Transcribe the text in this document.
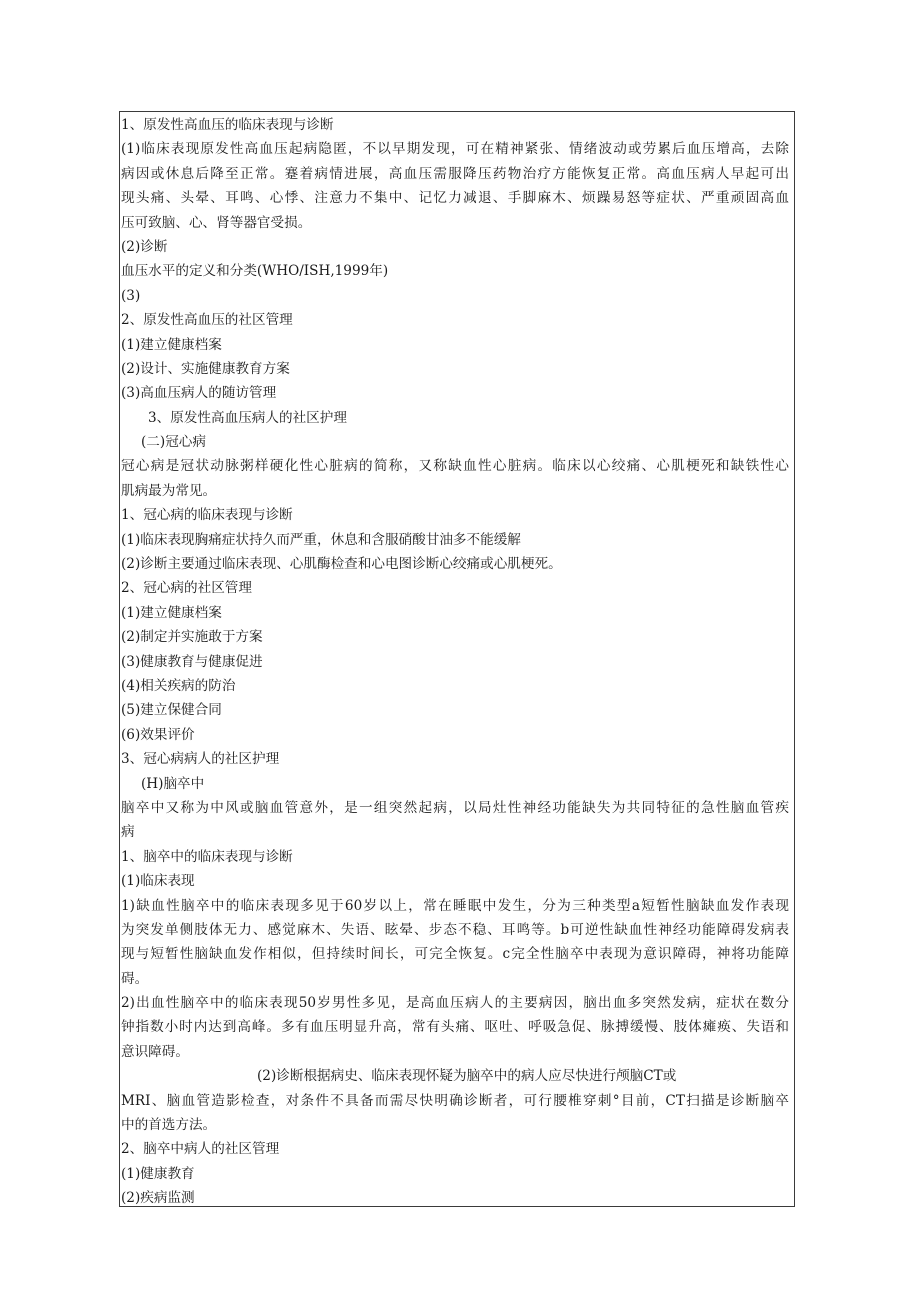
1、原发性高血压的临床表现与诊断
(1)临床表现原发性高血压起病隐匿，不以早期发现，可在精神紧张、情绪波动或劳累后血压增高，去除
病因或休息后降至正常。蹇着病情进展，高血压需服降压药物治疗方能恢复正常。高血压病人早起可出
现头痛、头晕、耳鸣、心悸、注意力不集中、记忆力减退、手脚麻木、烦躁易怒等症状、严重顽固高血
压可致脑、心、肾等器官受损。
(2)诊断
血压水平的定义和分类(WHO/ISH,1999年)
(3)
2、原发性高血压的社区管理
(1)建立健康档案
(2)设计、实施健康教育方案
(3)高血压病人的随访管理
3、原发性高血压病人的社区护理
(二)冠心病
冠心病是冠状动脉粥样硬化性心脏病的简称，又称缺血性心脏病。临床以心绞痛、心肌梗死和缺铁性心
肌病最为常见。
1、冠心病的临床表现与诊断
(1)临床表现胸痛症状持久而严重，休息和含服硝酸甘油多不能缓解
(2)诊断主要通过临床表现、心肌酶检查和心电图诊断心绞痛或心肌梗死。
2、冠心病的社区管理
(1)建立健康档案
(2)制定并实施敢于方案
(3)健康教育与健康促进
(4)相关疾病的防治
(5)建立保健合同
(6)效果评价
3、冠心病病人的社区护理
(H)脑卒中
脑卒中又称为中风或脑血管意外，是一组突然起病，以局灶性神经功能缺失为共同特征的急性脑血管疾
病
1、脑卒中的临床表现与诊断
(1)临床表现
1)缺血性脑卒中的临床表现多见于60岁以上，常在睡眠中发生，分为三种类型a短暂性脑缺血发作表现
为突发单侧肢体无力、感觉麻木、失语、眩晕、步态不稳、耳鸣等。b可逆性缺血性神经功能障碍发病表
现与短暂性脑缺血发作相似，但持续时间长，可完全恢复。c完全性脑卒中表现为意识障碍，神将功能障
碍。
2)出血性脑卒中的临床表现50岁男性多见，是高血压病人的主要病因，脑出血多突然发病，症状在数分
钟指数小时内达到高峰。多有血压明显升高，常有头痛、呕吐、呼吸急促、脉搏缓慢、肢体瘫痪、失语和
意识障碍。
(2)诊断根据病史、临床表现怀疑为脑卒中的病人应尽快进行颅脑CT或
MRI、脑血管造影检查，对条件不具备而需尽快明确诊断者，可行腰椎穿刺°目前，CT扫描是诊断脑卒
中的首选方法。
2、脑卒中病人的社区管理
(1)健康教育
(2)疾病监测
